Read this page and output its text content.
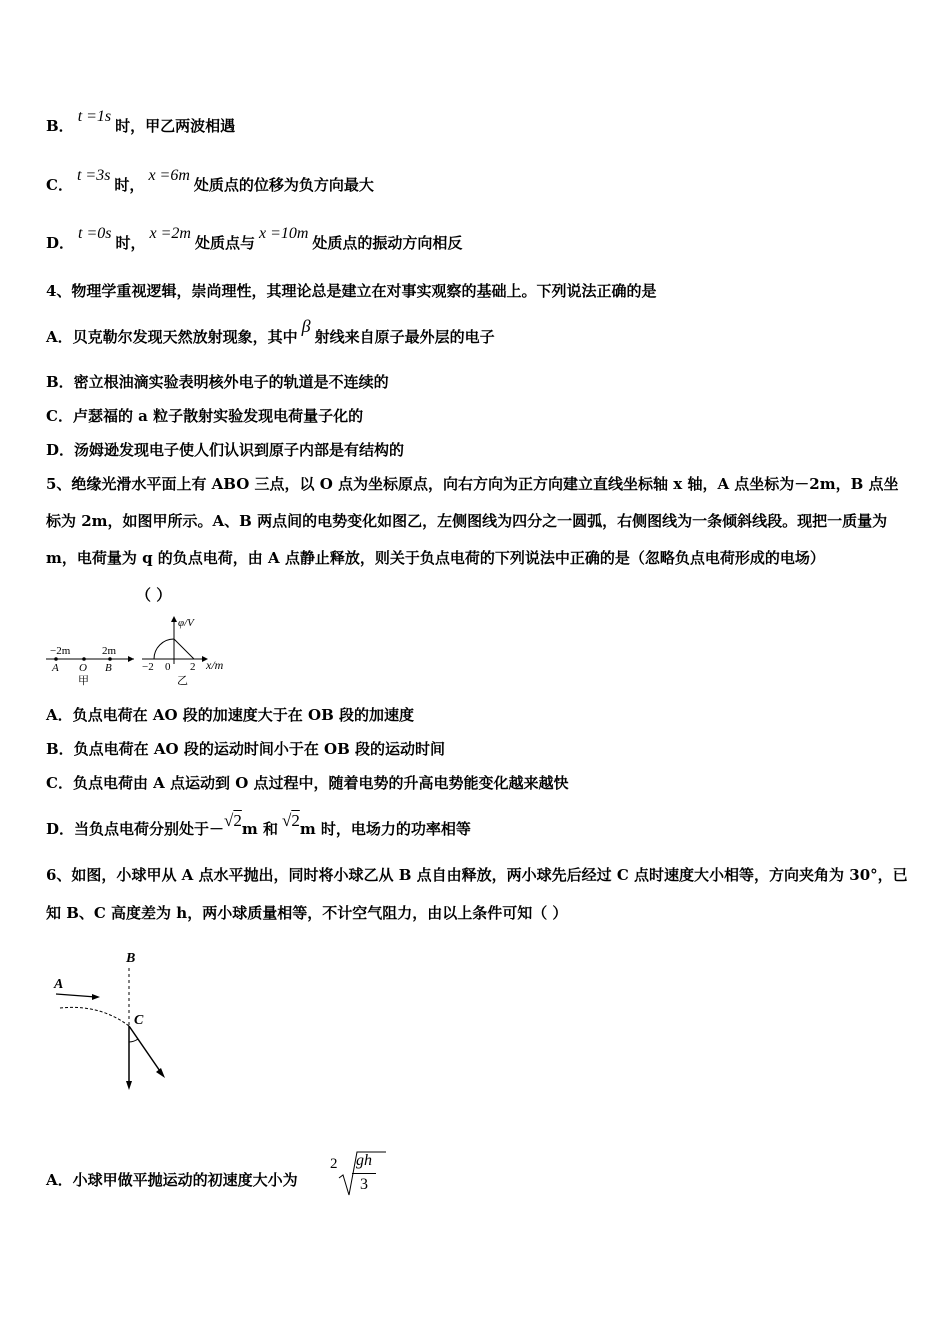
B．t =1s时，甲乙两波相遇
C．t =3s时，x =6m处质点的位移为负方向最大
D．t =0s时，x =2m处质点与x =10m处质点的振动方向相反
4、物理学重视逻辑，崇尚理性，其理论总是建立在对事实观察的基础上。下列说法正确的是
A．贝克勒尔发现天然放射现象，其中β射线来自原子最外层的电子
B．密立根油滴实验表明核外电子的轨道是不连续的
C．卢瑟福的 a 粒子散射实验发现电荷量子化的
D．汤姆逊发现电子使人们认识到原子内部是有结构的
5、绝缘光滑水平面上有 ABO 三点，以 O 点为坐标原点，向右方向为正方向建立直线坐标轴 x 轴，A 点坐标为－2m，B 点坐标为 2m，如图甲所示。A、B 两点间的电势变化如图乙，左侧图线为四分之一圆弧，右侧图线为一条倾斜线段。现把一质量为 m，电荷量为 q 的负点电荷，由 A 点静止释放，则关于负点电荷的下列说法中正确的是（忽略负点电荷形成的电场）（ ）
−2m	2m
A O B
甲
φ/V
−2 0 2 x/m
乙
A．负点电荷在 AO 段的加速度大于在 OB 段的加速度
B．负点电荷在 AO 段的运动时间小于在 OB 段的运动时间
C．负点电荷由 A 点运动到 O 点过程中，随着电势的升高电势能变化越来越快
D．当负点电荷分别处于－√2m 和 √2m 时，电场力的功率相等
6、如图，小球甲从 A 点水平抛出，同时将小球乙从 B 点自由释放，两小球先后经过 C 点时速度大小相等，方向夹角为 30°，已知 B、C 高度差为 h，两小球质量相等，不计空气阻力，由以上条件可知（ ）
B
A
C
A．小球甲做平抛运动的初速度大小为
2 gh
3
